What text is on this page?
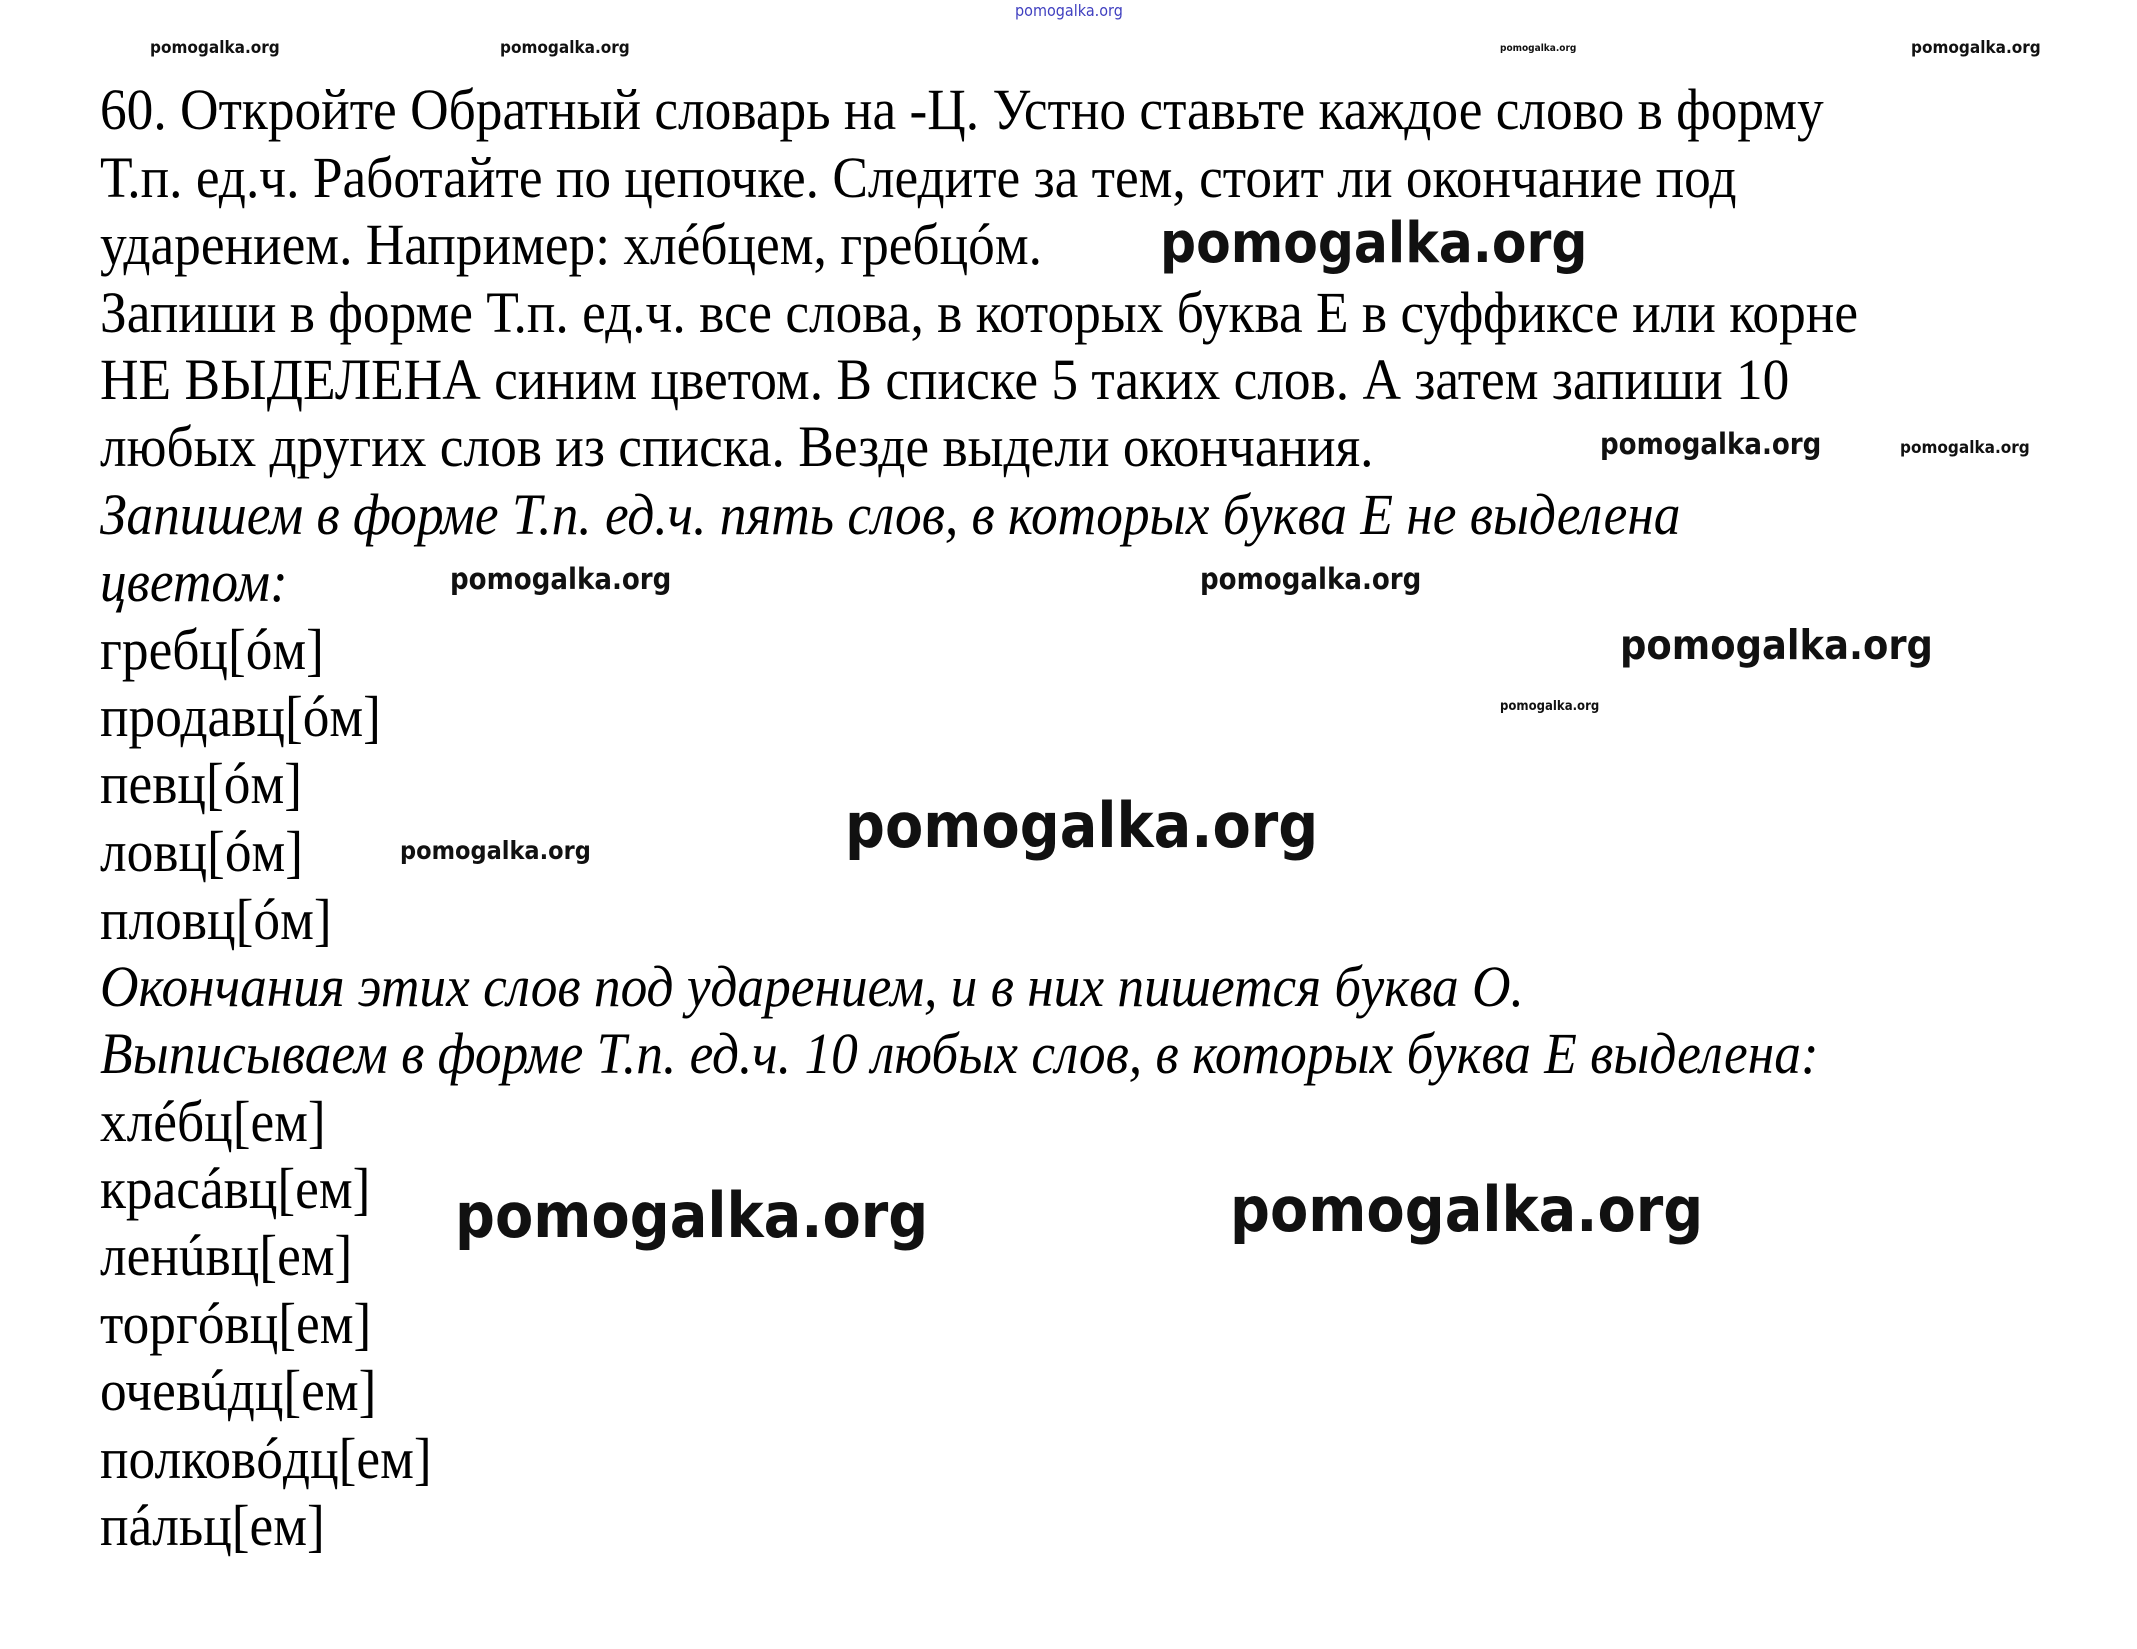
60. Откройте Обратный словарь на -Ц. Устно ставьте каждое слово в форму
Т.п. ед.ч. Работайте по цепочке. Следите за тем, стоит ли окончание под
ударением. Например: хлéбцем, гребцóм.
Запиши в форме Т.п. ед.ч. все слова, в которых буква Е в суффиксе или корне
НЕ ВЫДЕЛЕНА синим цветом. В списке 5 таких слов. А затем запиши 10
любых других слов из списка. Везде выдели окончания.
Запишем в форме Т.п. ед.ч. пять слов, в которых буква Е не выделена
цветом:
гребц[óм]
продавц[óм]
певц[óм]
ловц[óм]
пловц[óм]
Окончания этих слов под ударением, и в них пишется буква О.
Выписываем в форме Т.п. ед.ч. 10 любых слов, в которых буква Е выделена:
хлéбц[ем]
красáвц[ем]
ленúвц[ем]
торгóвц[ем]
очевúдц[ем]
полковóдц[ем]
пáльц[ем]
pomogalka.org
pomogalka.org
pomogalka.org
pomogalka.org
pomogalka.org
pomogalka.org
pomogalka.org	pomogalka.org
pomogalka.org	pomogalka.org
pomogalka.org
pomogalka.org
pomogalka.org
pomogalka.org
pomogalka.org	pomogalka.org
